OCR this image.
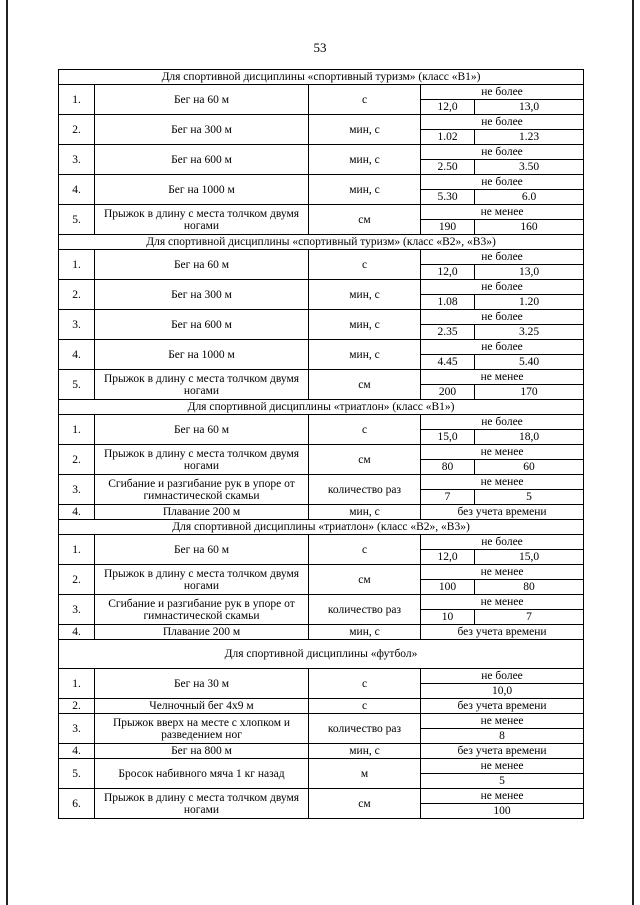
53
Для спортивной дисциплины «спортивный туризм» (класс «В1»)				
1.	Бег на 60 м	с	не более	
			12,0	13,0
2.	Бег на 300 м	мин, с	не более	
			1.02	1.23
3.	Бег на 600 м	мин, с	не более	
			2.50	3.50
4.	Бег на 1000 м	мин, с	не более	
			5.30	6.0
5.	Прыжок в длину с места толчком двумя ногами	см	не менее	
			190	160
Для спортивной дисциплины «спортивный туризм» (класс «В2», «В3»)				
1.	Бег на 60 м	с	не более	
			12,0	13,0
2.	Бег на 300 м	мин, с	не более	
			1.08	1.20
3.	Бег на 600 м	мин, с	не более	
			2.35	3.25
4.	Бег на 1000 м	мин, с	не более	
			4.45	5.40
5.	Прыжок в длину с места толчком двумя ногами	см	не менее	
			200	170
Для спортивной дисциплины «триатлон» (класс «В1»)				
1.	Бег на 60 м	с	не более	
			15,0	18,0
2.	Прыжок в длину с места толчком двумя ногами	см	не менее	
			80	60
3.	Сгибание и разгибание рук в упоре от гимнастической скамьи	количество раз	не менее	
			7	5
4.	Плавание 200 м	мин, с	без учета времени	
Для спортивной дисциплины «триатлон» (класс «В2», «В3»)				
1.	Бег на 60 м	с	не более	
			12,0	15,0
2.	Прыжок в длину с места толчком двумя ногами	см	не менее	
			100	80
3.	Сгибание и разгибание рук в упоре от гимнастической скамьи	количество раз	не менее	
			10	7
4.	Плавание 200 м	мин, с	без учета времени	
Для спортивной дисциплины «футбол»				
1.	Бег на 30 м	с	не более	
			10,0	
2.	Челночный бег 4х9 м	с	без учета времени	
3.	Прыжок вверх на месте с хлопком и разведением ног	количество раз	не менее	
			8	
4.	Бег на 800 м	мин, с	без учета времени	
5.	Бросок набивного мяча 1 кг назад	м	не менее	
			5	
6.	Прыжок в длину с места толчком двумя ногами	см	не менее	
			100	
